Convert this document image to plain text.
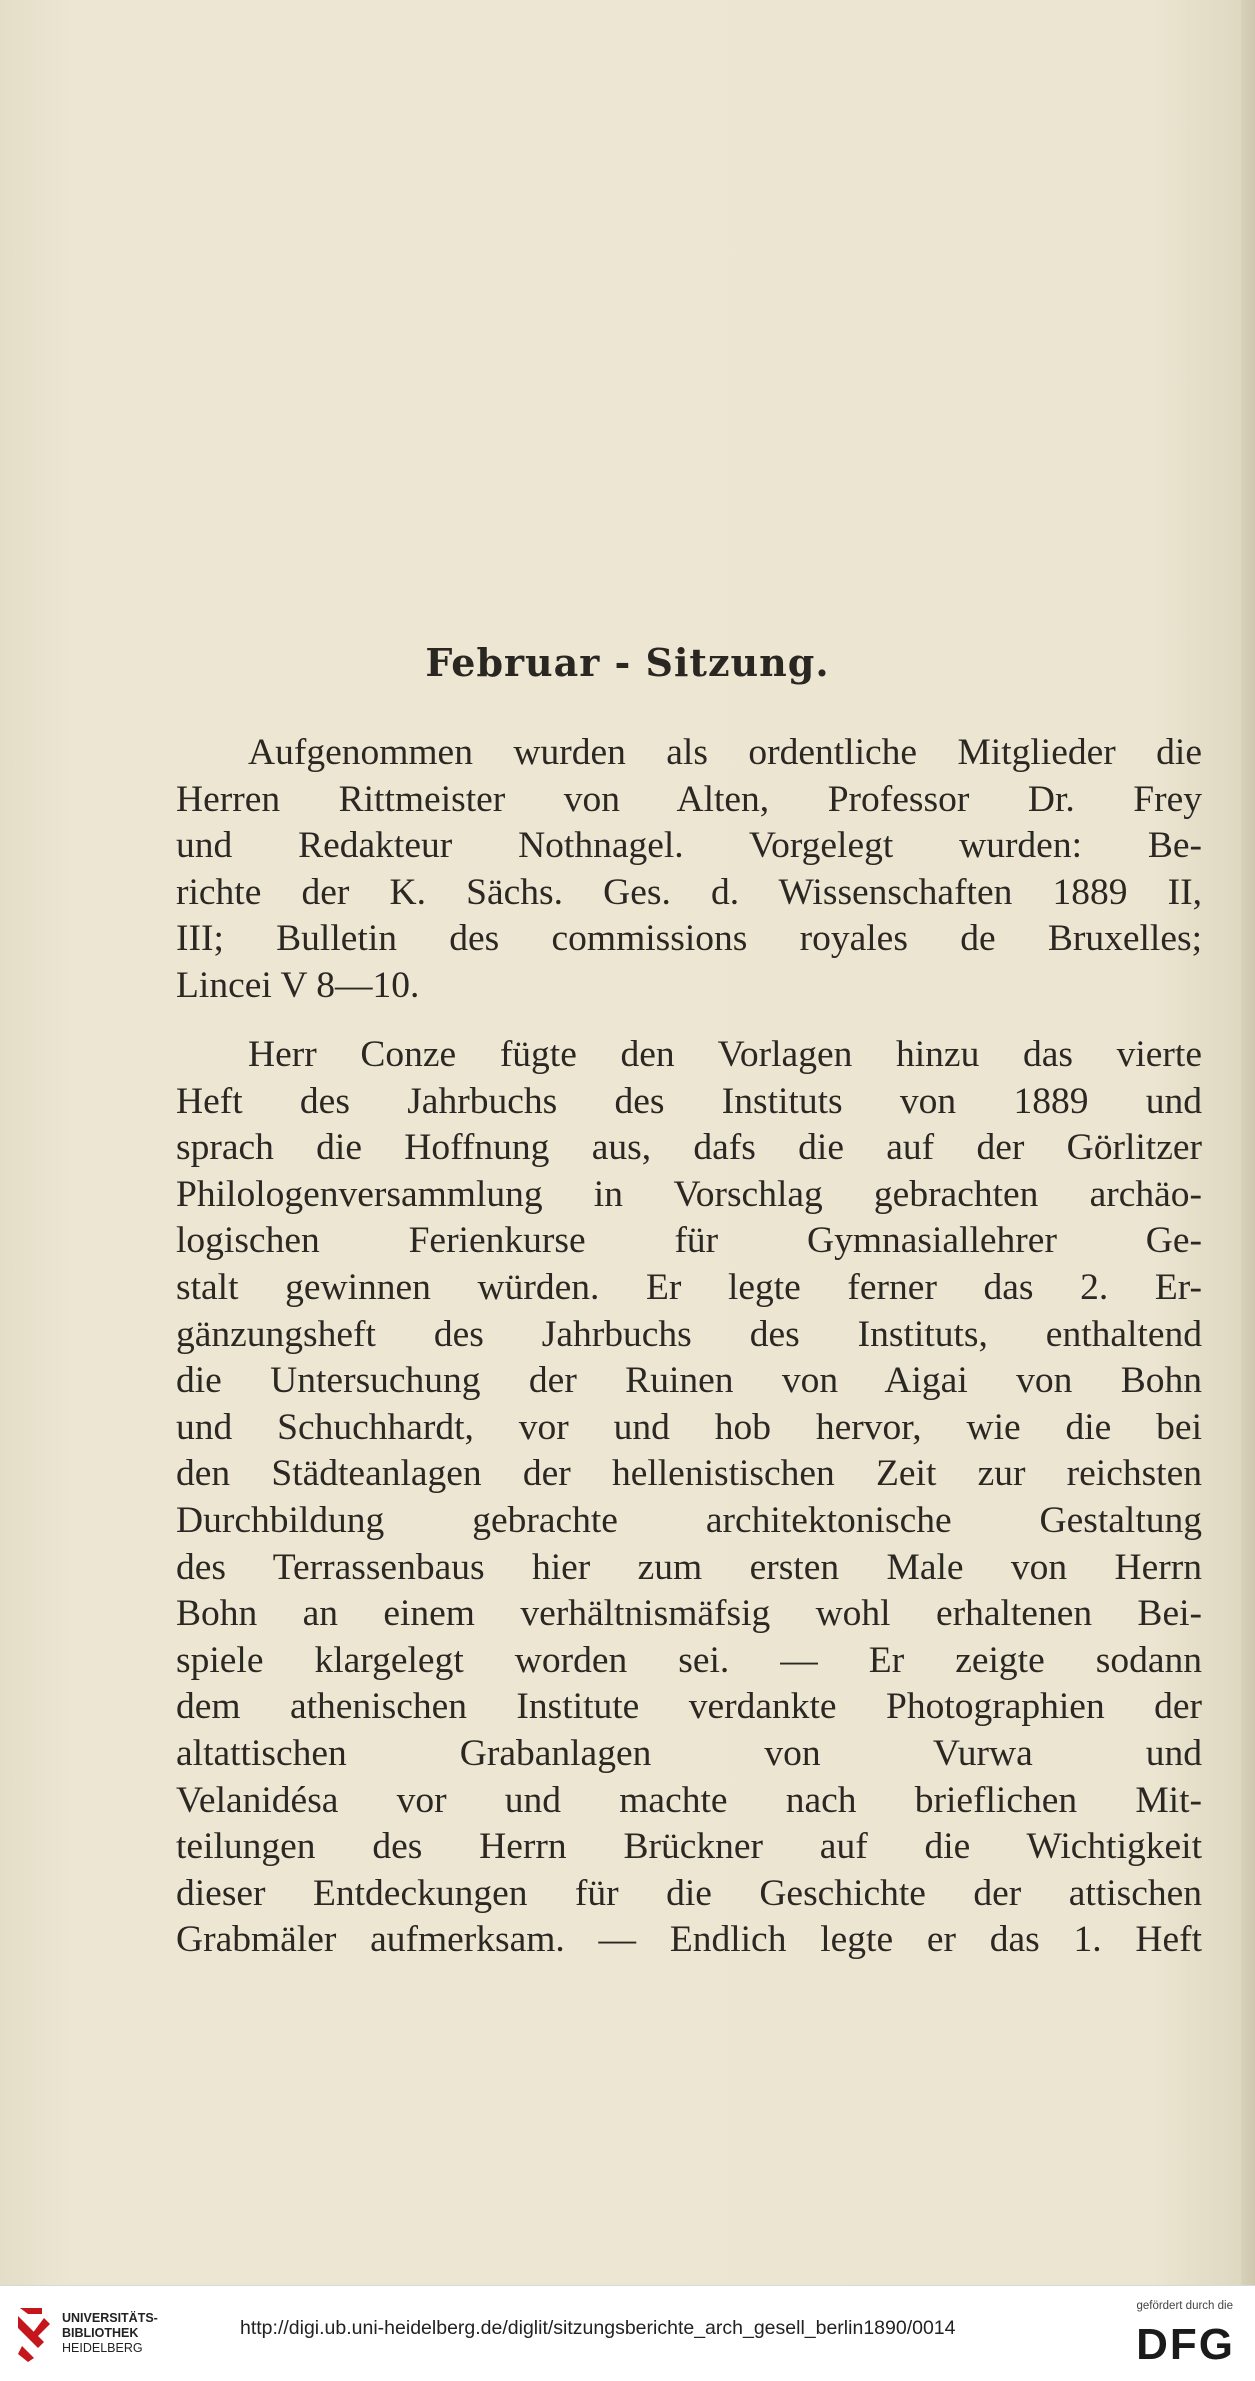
Februar - Sitzung.
Aufgenommen wurden als ordentliche Mitglieder die
Herren Rittmeister von Alten, Professor Dr. Frey
und Redakteur Nothnagel. Vorgelegt wurden: Be-
richte der K. Sächs. Ges. d. Wissenschaften 1889 II,
III; Bulletin des commissions royales de Bruxelles;
Lincei V 8—10.
Herr Conze fügte den Vorlagen hinzu das vierte
Heft des Jahrbuchs des Instituts von 1889 und
sprach die Hoffnung aus, dafs die auf der Görlitzer
Philologenversammlung in Vorschlag gebrachten archäo-
logischen Ferienkurse für Gymnasiallehrer Ge-
stalt gewinnen würden. Er legte ferner das 2. Er-
gänzungsheft des Jahrbuchs des Instituts, enthaltend
die Untersuchung der Ruinen von Aigai von Bohn
und Schuchhardt, vor und hob hervor, wie die bei
den Städteanlagen der hellenistischen Zeit zur reichsten
Durchbildung gebrachte architektonische Gestaltung
des Terrassenbaus hier zum ersten Male von Herrn
Bohn an einem verhältnismäfsig wohl erhaltenen Bei-
spiele klargelegt worden sei. — Er zeigte sodann
dem athenischen Institute verdankte Photographien der
altattischen Grabanlagen von Vurwa und
Velanidésa vor und machte nach brieflichen Mit-
teilungen des Herrn Brückner auf die Wichtigkeit
dieser Entdeckungen für die Geschichte der attischen
Grabmäler aufmerksam. — Endlich legte er das 1. Heft
UNIVERSITÄTS-
BIBLIOTHEK
HEIDELBERG
http://digi.ub.uni-heidelberg.de/diglit/sitzungsberichte_arch_gesell_berlin1890/0014
gefördert durch die
DFG
